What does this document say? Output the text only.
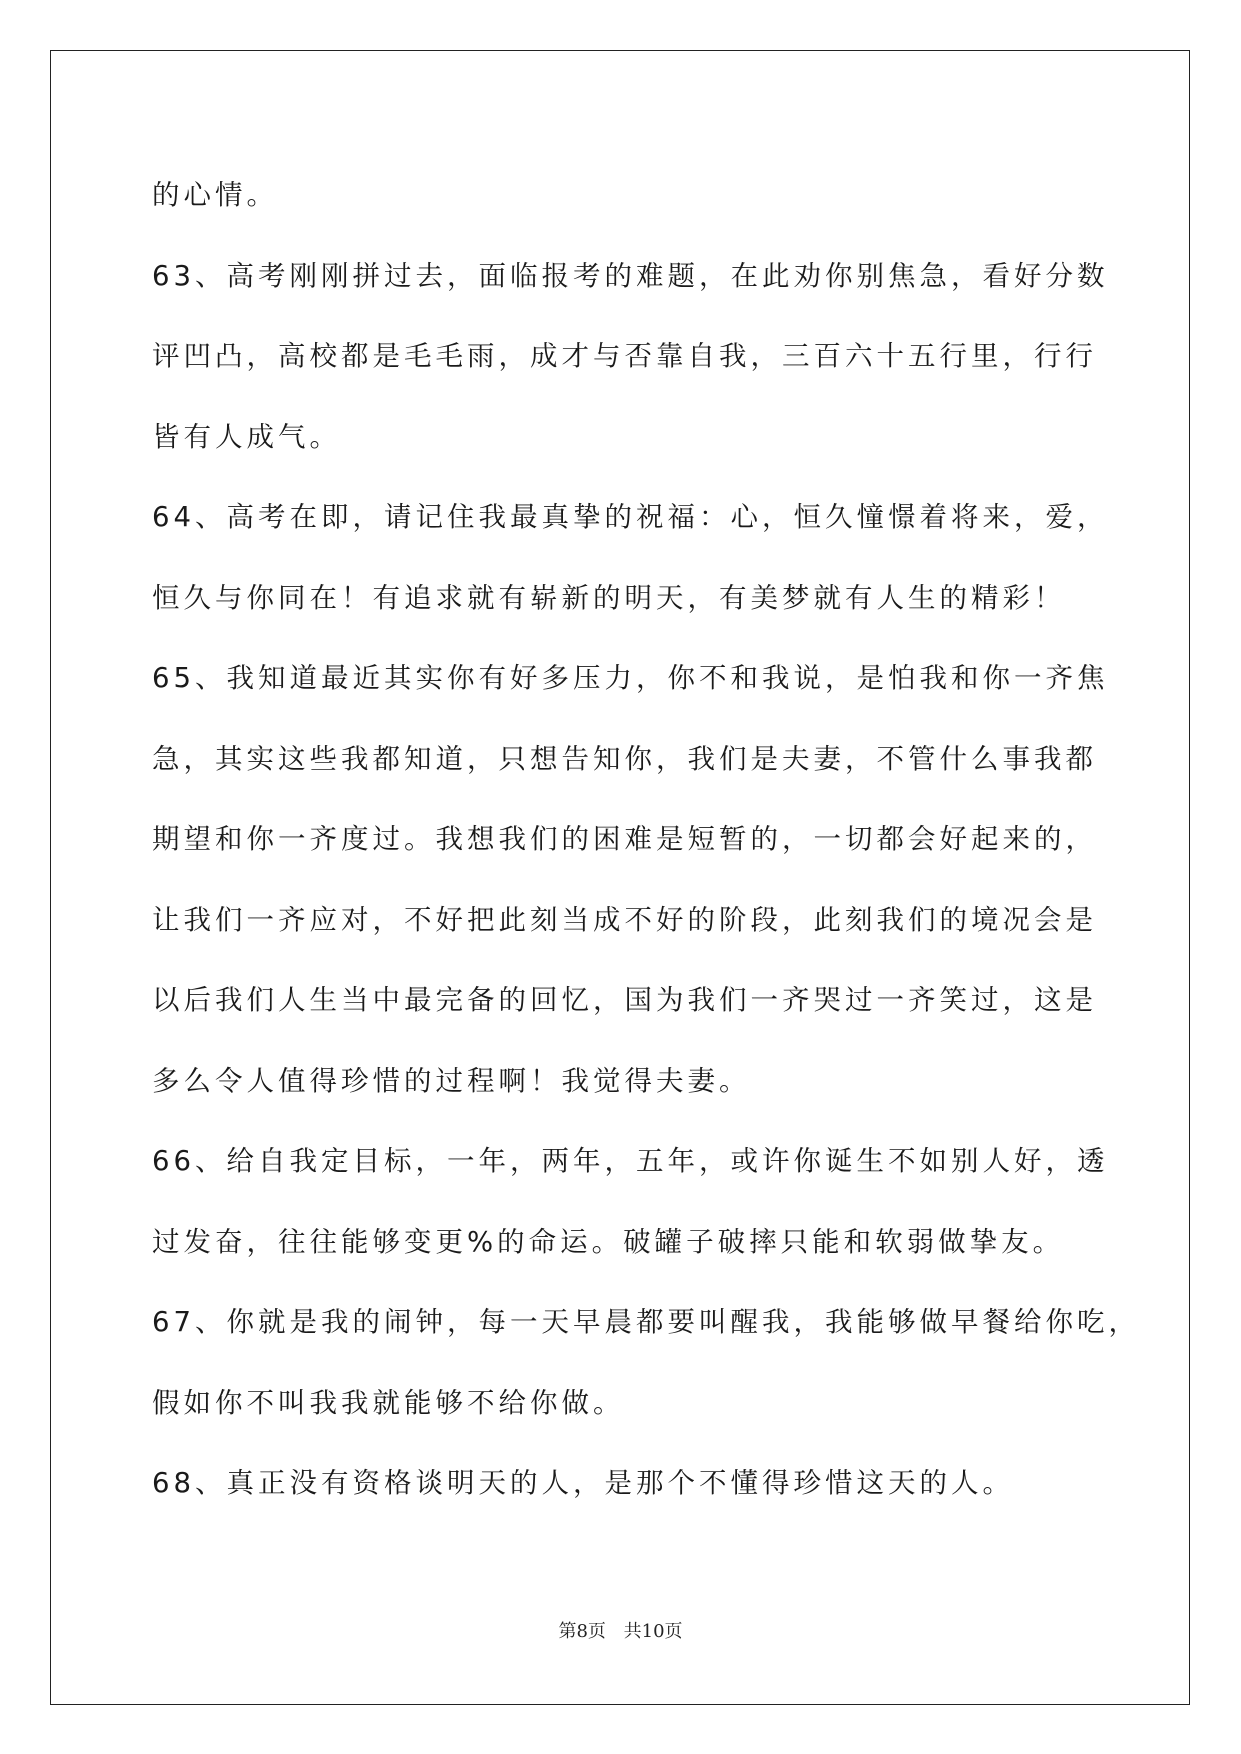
的心情。
63、高考刚刚拼过去，面临报考的难题，在此劝你别焦急，看好分数
评凹凸，高校都是毛毛雨，成才与否靠自我，三百六十五行里，行行
皆有人成气。
64、高考在即，请记住我最真挚的祝福：心，恒久憧憬着将来，爱，
恒久与你同在！有追求就有崭新的明天，有美梦就有人生的精彩！
65、我知道最近其实你有好多压力，你不和我说，是怕我和你一齐焦
急，其实这些我都知道，只想告知你，我们是夫妻，不管什么事我都
期望和你一齐度过。我想我们的困难是短暂的，一切都会好起来的，
让我们一齐应对，不好把此刻当成不好的阶段，此刻我们的境况会是
以后我们人生当中最完备的回忆，国为我们一齐哭过一齐笑过，这是
多么令人值得珍惜的过程啊！我觉得夫妻。
66、给自我定目标，一年，两年，五年，或许你诞生不如别人好，透
过发奋，往往能够变更%的命运。破罐子破摔只能和软弱做挚友。
67、你就是我的闹钟，每一天早晨都要叫醒我，我能够做早餐给你吃，
假如你不叫我我就能够不给你做。
68、真正没有资格谈明天的人，是那个不懂得珍惜这天的人。
第8页 共10页
